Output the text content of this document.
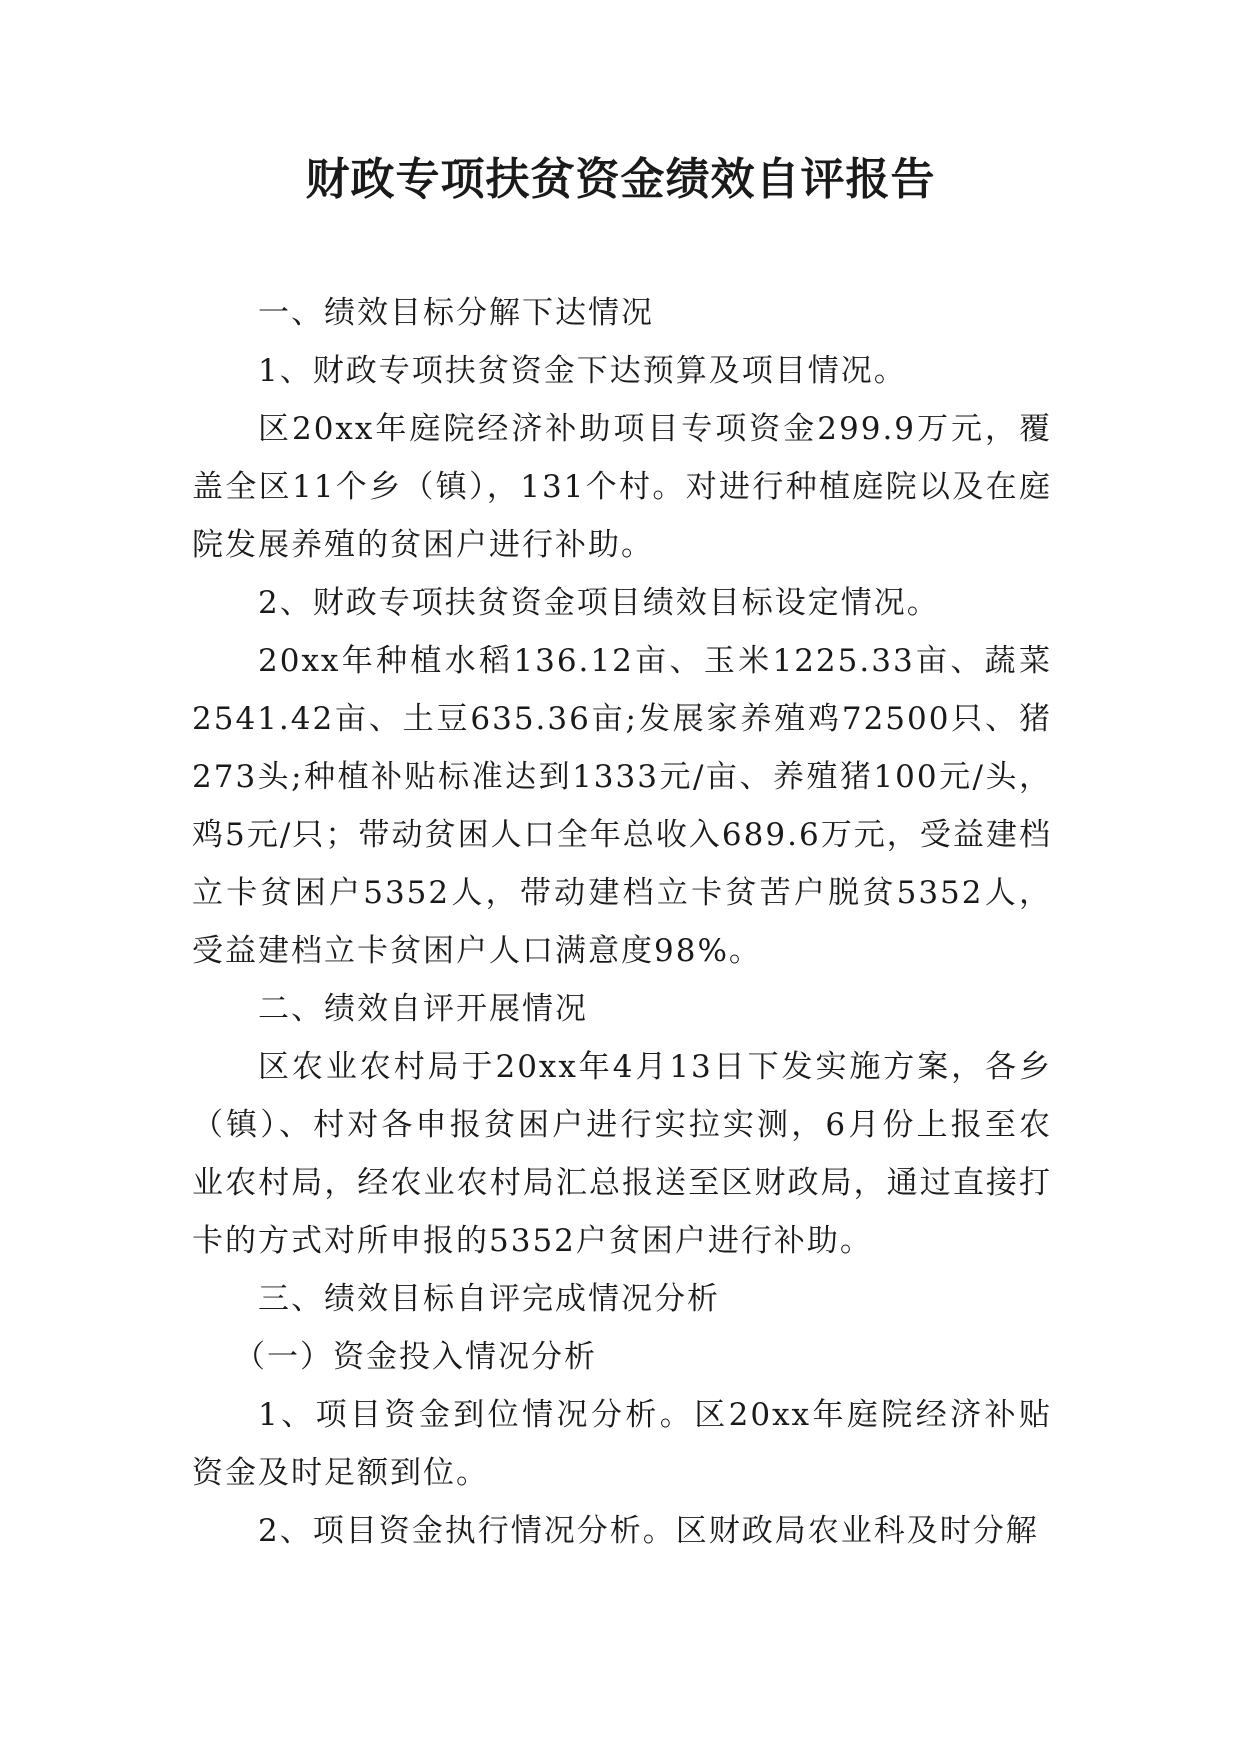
财政专项扶贫资金绩效自评报告

一、绩效目标分解下达情况

1、财政专项扶贫资金下达预算及项目情况。

区20xx年庭院经济补助项目专项资金299.9万元，覆盖全区11个乡（镇），131个村。对进行种植庭院以及在庭院发展养殖的贫困户进行补助。

2、财政专项扶贫资金项目绩效目标设定情况。

20xx年种植水稻136.12亩、玉米1225.33亩、蔬菜2541.42亩、土豆635.36亩;发展家养殖鸡72500只、猪273头;种植补贴标准达到1333元/亩、养殖猪100元/头，鸡5元/只；带动贫困人口全年总收入689.6万元，受益建档立卡贫困户5352人，带动建档立卡贫苦户脱贫5352人，受益建档立卡贫困户人口满意度98%。

二、绩效自评开展情况

区农业农村局于20xx年4月13日下发实施方案，各乡（镇）、村对各申报贫困户进行实拉实测，6月份上报至农业农村局，经农业农村局汇总报送至区财政局，通过直接打卡的方式对所申报的5352户贫困户进行补助。

三、绩效目标自评完成情况分析

（一）资金投入情况分析

1、项目资金到位情况分析。区20xx年庭院经济补贴资金及时足额到位。

2、项目资金执行情况分析。区财政局农业科及时分解
